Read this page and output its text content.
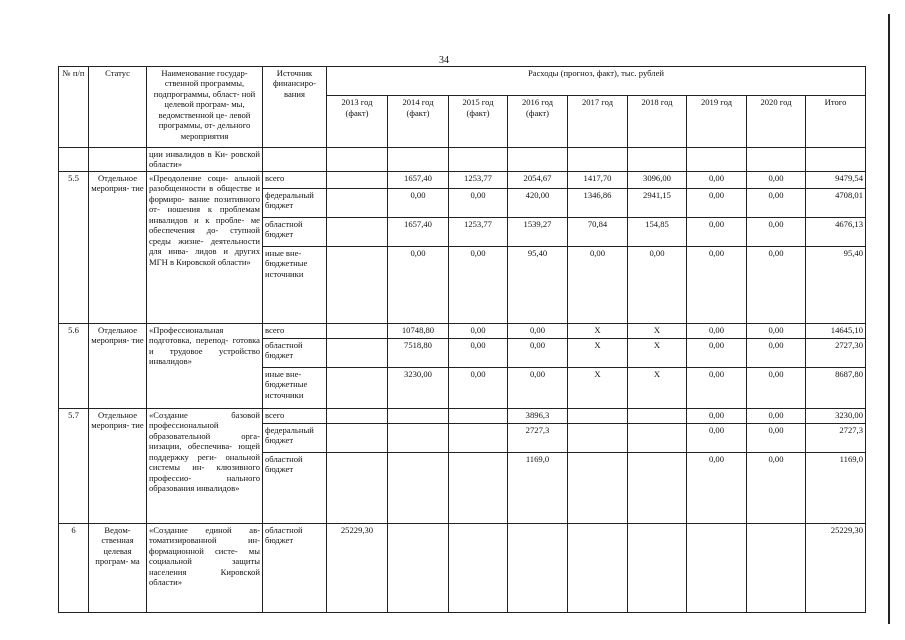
34
№ п/п	Статус	Наименование государ- ственной программы, подпрограммы, област- ной целевой програм- мы, ведомственной це- левой программы, от- дельного мероприятия	Источник финансиро- вания	Расходы (прогноз, факт), тыс. рублей								
				2013 год (факт)	2014 год (факт)	2015 год (факт)	2016 год (факт)	2017 год	2018 год	2019 год	2020 год	Итого
		ции инвалидов в Ки- ровской области»										
5.5	Отдельное мероприя- тие	«Преодоление соци- альной разобщенности в обществе и формиро- вание позитивного от- ношения к проблемам инвалидов и к пробле- ме обеспечения до- ступной среды жизне- деятельности для инва- лидов и других МГН в Кировской области»	всего		1657,40	1253,77	2054,67	1417,70	3096,00	0,00	0,00	9479,54
			федеральный бюджет		0,00	0,00	420,00	1346,86	2941,15	0,00	0,00	4708,01
			областной бюджет		1657,40	1253,77	1539,27	70,84	154,85	0,00	0,00	4676,13
			иные вне- бюджетные источники		0,00	0,00	95,40	0,00	0,00	0,00	0,00	95,40
5.6	Отдельное мероприя- тие	«Профессиональная подготовка, перепод- готовка и трудовое устройство инвалидов»	всего		10748,80	0,00	0,00	X	X	0,00	0,00	14645,10
			областной бюджет		7518,80	0,00	0,00	X	X	0,00	0,00	2727,30
			иные вне- бюджетные источники		3230,00	0,00	0,00	X	X	0,00	0,00	8687,80
5.7	Отдельное мероприя- тие	«Создание базовой профессиональной образовательной орга- низации, обеспечива- ющей поддержку реги- ональной системы ин- клюзивного профессио- нального образования инвалидов»	всего				3896,3			0,00	0,00	3230,00
			федеральный бюджет				2727,3			0,00	0,00	2727,3
			областной бюджет				1169,0			0,00	0,00	1169,0
6	Ведом- ственная целевая програм- ма	«Создание единой ав- томатизированной ин- формационной систе- мы социальной защиты населения Кировской области»	областной бюджет	25229,30								25229,30
